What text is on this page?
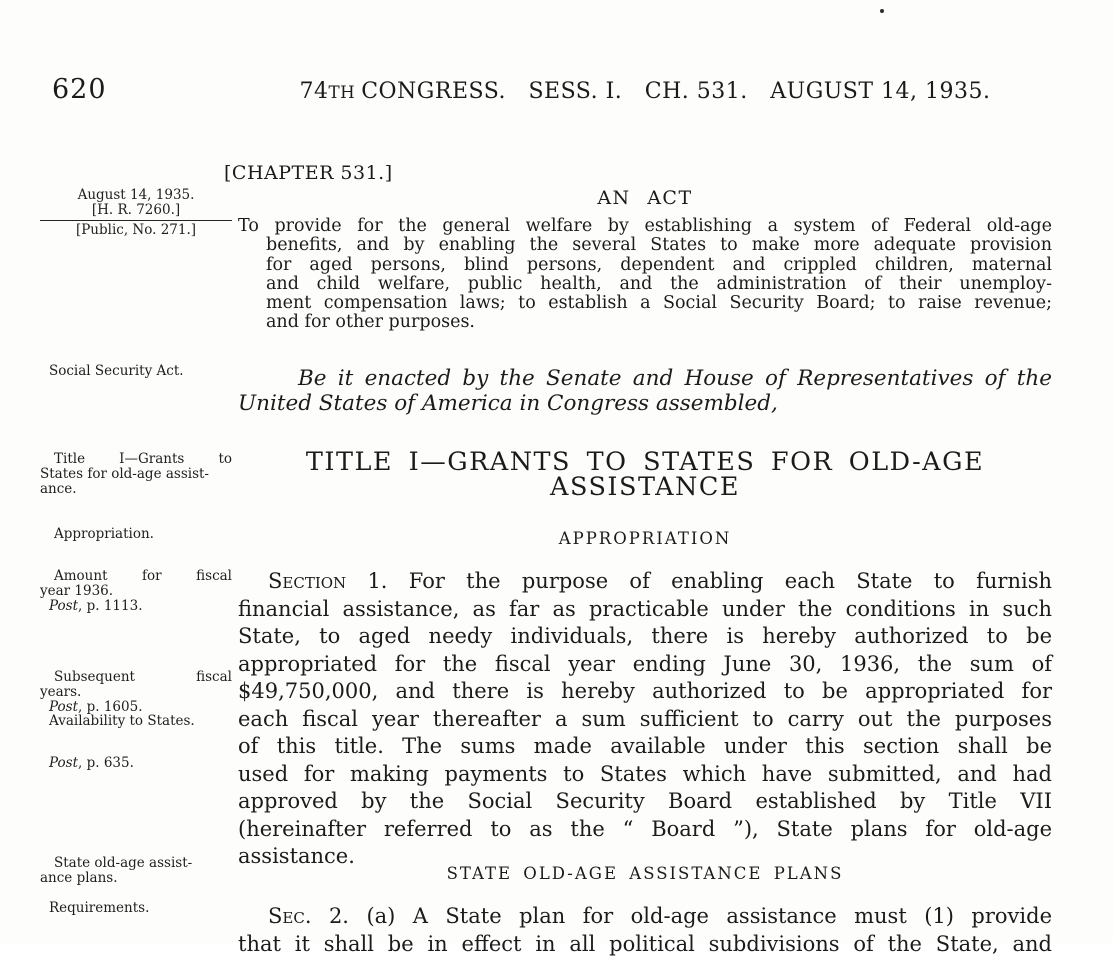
620	74TH CONGRESS. SESS. I. CH. 531. AUGUST 14, 1935.
August 14, 1935.
[H. R. 7260.]
[Public, No. 271.]
Social Security Act.
Title I—Grants to
States for old-age assist-
ance.
Appropriation.
Amount for fiscal
year 1936.
Post, p. 1113.
Subsequent fiscal
years.
Post, p. 1605.
Availability to States.
Post, p. 635.
State old-age assist-
ance plans.
Requirements.
[CHAPTER 531.]
AN ACT
To provide for the general welfare by establishing a system of Federal old-age
benefits, and by enabling the several States to make more adequate provision
for aged persons, blind persons, dependent and crippled children, maternal
and child welfare, public health, and the administration of their unemploy-
ment compensation laws; to establish a Social Security Board; to raise revenue;
and for other purposes.
Be it enacted by the Senate and House of Representatives of the
United States of America in Congress assembled,
TITLE I—GRANTS TO STATES FOR OLD-AGE
ASSISTANCE
APPROPRIATION
Section 1. For the purpose of enabling each State to furnish
financial assistance, as far as practicable under the conditions in such
State, to aged needy individuals, there is hereby authorized to be
appropriated for the fiscal year ending June 30, 1936, the sum of
$49,750,000, and there is hereby authorized to be appropriated for
each fiscal year thereafter a sum sufficient to carry out the purposes
of this title. The sums made available under this section shall be
used for making payments to States which have submitted, and had
approved by the Social Security Board established by Title VII
(hereinafter referred to as the “ Board ”), State plans for old-age
assistance.
STATE OLD-AGE ASSISTANCE PLANS
Sec. 2. (a) A State plan for old-age assistance must (1) provide
that it shall be in effect in all political subdivisions of the State, and
